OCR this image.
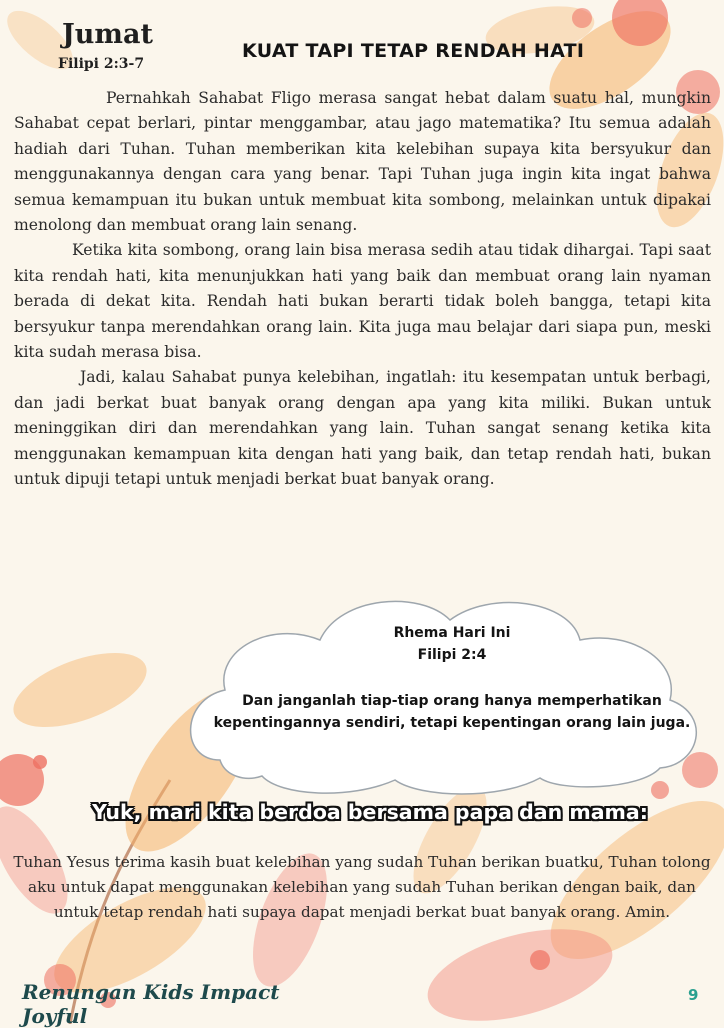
Jumat
Filipi 2:3-7
KUAT TAPI TETAP RENDAH HATI

Pernahkah Sahabat Fligo merasa sangat hebat dalam suatu hal, mungkin Sahabat cepat berlari, pintar menggambar, atau jago matematika? Itu semua adalah hadiah dari Tuhan. Tuhan memberikan kita kelebihan supaya kita bersyukur dan menggunakannya dengan cara yang benar. Tapi Tuhan juga ingin kita ingat bahwa semua kemampuan itu bukan untuk membuat kita sombong, melainkan untuk dipakai menolong dan membuat orang lain senang.

Ketika kita sombong, orang lain bisa merasa sedih atau tidak dihargai. Tapi saat kita rendah hati, kita menunjukkan hati yang baik dan membuat orang lain nyaman berada di dekat kita. Rendah hati bukan berarti tidak boleh bangga, tetapi kita bersyukur tanpa merendahkan orang lain. Kita juga mau belajar dari siapa pun, meski kita sudah merasa bisa.

Jadi, kalau Sahabat punya kelebihan, ingatlah: itu kesempatan untuk berbagi, dan jadi berkat buat banyak orang dengan apa yang kita miliki. Bukan untuk meninggikan diri dan merendahkan yang lain. Tuhan sangat senang ketika kita menggunakan kemampuan kita dengan hati yang baik, dan tetap rendah hati, bukan untuk dipuji tetapi untuk menjadi berkat buat banyak orang.

Rhema Hari Ini
Filipi 2:4
Dan janganlah tiap-tiap orang hanya memperhatikan kepentingannya sendiri, tetapi kepentingan orang lain juga.
Yuk, mari kita berdoa bersama papa dan mama:
Tuhan Yesus terima kasih buat kelebihan yang sudah Tuhan berikan buatku, Tuhan tolong aku untuk dapat menggunakan kelebihan yang sudah Tuhan berikan dengan baik, dan untuk tetap rendah hati supaya dapat menjadi berkat buat banyak orang. Amin.
Renungan Kids Impact Joyful
9
